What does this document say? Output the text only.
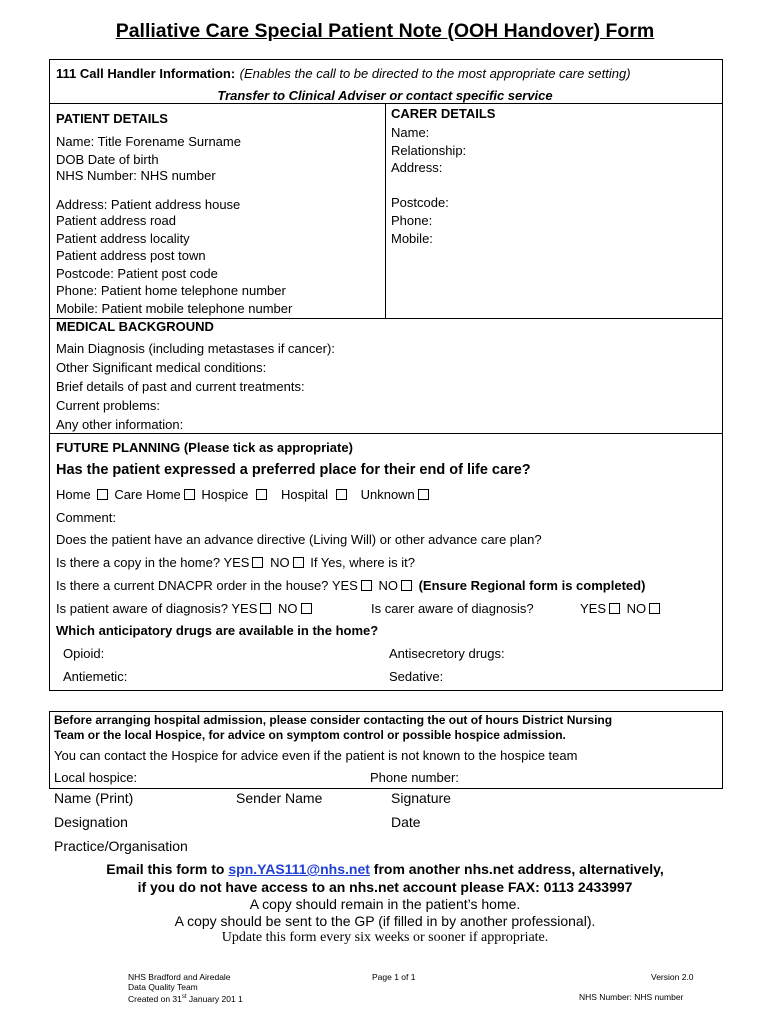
Palliative Care Special Patient Note (OOH Handover) Form
111 Call Handler Information: (Enables the call to be directed to the most appropriate care setting)
Transfer to Clinical Adviser or contact specific service
PATIENT DETAILS
Name: Title Forename Surname
DOB Date of birth
NHS Number: NHS number
Address: Patient address house
Patient address road
Patient address locality
Patient address post town
Postcode: Patient post code
Phone: Patient home telephone number
Mobile: Patient mobile telephone number
CARER DETAILS
Name:
Relationship:
Address:
Postcode:
Phone:
Mobile:
MEDICAL BACKGROUND
Main Diagnosis (including metastases if cancer):
Other Significant medical conditions:
Brief details of past and current treatments:
Current problems:
Any other information:
FUTURE PLANNING (Please tick as appropriate)
Has the patient expressed a preferred place for their end of life care?
Home Care Home Hospice	Hospital	Unknown
Comment:
Does the patient have an advance directive (Living Will) or other advance care plan?
Is there a copy in the home? YES NO If Yes, where is it?
Is there a current DNACPR order in the house? YES NO (Ensure Regional form is completed)
Is patient aware of diagnosis? YES NO	Is carer aware of diagnosis?	YES NO
Which anticipatory drugs are available in the home?
Opioid:	Antisecretory drugs:
Antiemetic:	Sedative:
Before arranging hospital admission, please consider contacting the out of hours District Nursing
Team or the local Hospice, for advice on symptom control or possible hospice admission.
You can contact the Hospice for advice even if the patient is not known to the hospice team
Local hospice:	Phone number:
Name (Print)	Sender Name	Signature
Designation	Date
Practice/Organisation
Email this form to spn.YAS111@nhs.net from another nhs.net address, alternatively,
if you do not have access to an nhs.net account please FAX: 0113 2433997
A copy should remain in the patient’s home.
A copy should be sent to the GP (if filled in by another professional).
Update this form every six weeks or sooner if appropriate.
NHS Bradford and Airedale
Data Quality Team
Created on 31st January 201 1
Page 1 of 1	Version 2.0
NHS Number: NHS number
